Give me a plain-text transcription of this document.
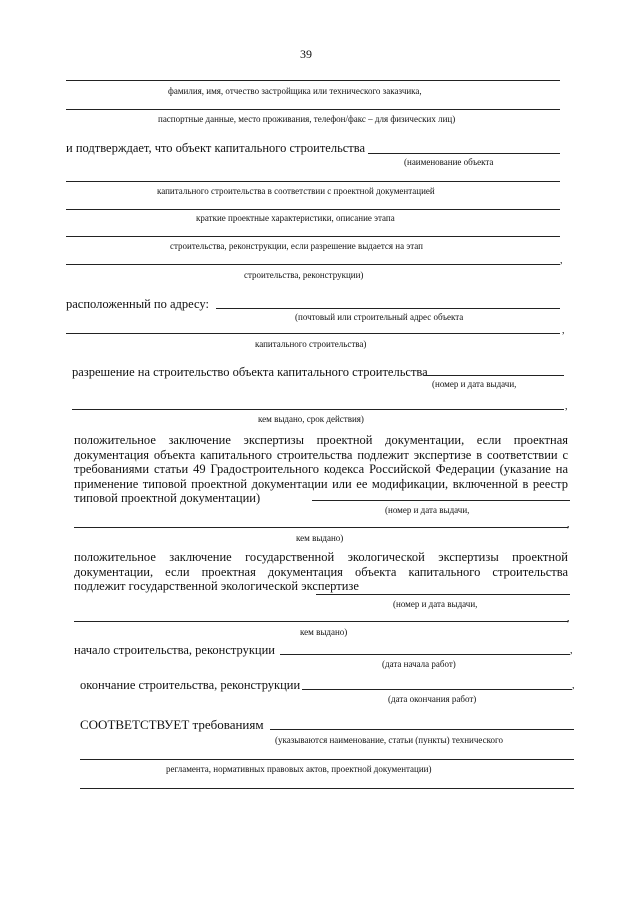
39
фамилия, имя, отчество застройщика или технического заказчика,
паспортные данные, место проживания, телефон/факс – для физических лиц)
и подтверждает, что объект капитального строительства
(наименование объекта
капитального строительства в соответствии с проектной документацией
краткие проектные характеристики, описание этапа
строительства, реконструкции, если разрешение выдается на этап
,
строительства, реконструкции)
расположенный по адресу:
(почтовый или строительный адрес объекта
,
капитального строительства)
разрешение на строительство объекта капитального строительства
(номер и дата выдачи,
,
кем выдано, срок действия)
положительное заключение экспертизы проектной документации, если проектная документация объекта капитального строительства подлежит экспертизе в соответствии с требованиями статьи 49 Градостроительного кодекса Российской Федерации (указание на применение типовой проектной документации или ее модификации, включенной в реестр типовой проектной документации)
(номер и дата выдачи,
,
кем выдано)
положительное заключение государственной экологической экспертизы проектной документации, если проектная документация объекта капитального строительства подлежит государственной экологической экспертизе
(номер и дата выдачи,
,
кем выдано)
начало строительства, реконструкции	,
(дата начала работ)
окончание строительства, реконструкции	,
(дата окончания работ)
СООТВЕТСТВУЕТ требованиям
(указываются наименование, статьи (пункты) технического
регламента, нормативных правовых актов, проектной документации)
